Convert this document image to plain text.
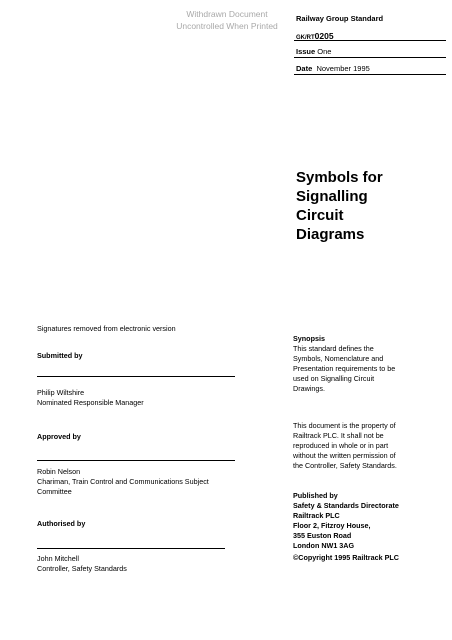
Withdrawn Document
Uncontrolled When Printed
Railway Group Standard
GK/RT0205
Issue One
Date November 1995
Symbols for
Signalling
Circuit
Diagrams
Signatures removed from electronic version
Submitted by
Philip Wiltshire
Nominated Responsible Manager
Approved by
Robin Nelson
Chariman, Train Control and Communications Subject
Committee
Authorised by
John Mitchell
Controller, Safety Standards
Synopsis
This standard defines the
Symbols, Nomenclature and
Presentation requirements to be
used on Signalling Circuit
Drawings.
This document is the property of
Railtrack PLC. It shall not be
reproduced in whole or in part
without the written permission of
the Controller, Safety Standards.
Published by
Safety & Standards Directorate
Railtrack PLC
Floor 2, Fitzroy House,
355 Euston Road
London NW1 3AG
©Copyright 1995 Railtrack PLC
